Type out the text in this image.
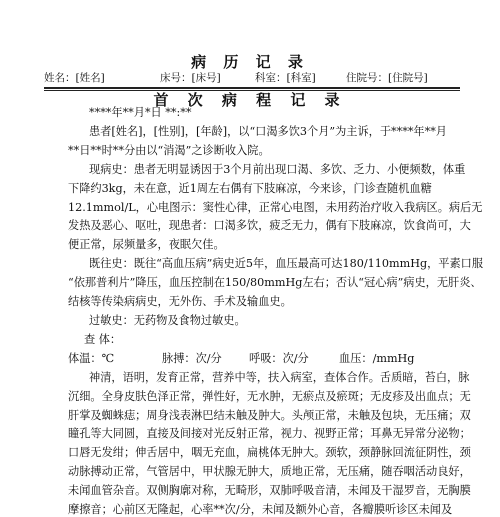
病 历 记 录
姓名：[姓名]	床号：[床号]	科室：[科室]	住院号：[住院号]
首 次 病 程 记 录
****年**月*日 **:**
患者[姓名]，[性别]，[年龄]，以“口渴多饮3个月”为主诉，于****年**月
**日**时**分由以“消渴”之诊断收入院。
现病史：患者无明显诱因于3个月前出现口渴、多饮、乏力、小便频数，体重
下降约3kg，未在意，近1周左右偶有下肢麻凉，今来诊，门诊查随机血糖
12.1mmol/L，心电图示：窦性心律，正常心电图，未用药治疗收入我病区。病后无
发热及恶心、呕吐，现患者：口渴多饮，疲乏无力，偶有下肢麻凉，饮食尚可，大
便正常，尿频量多，夜眠欠佳。
既往史：既往“高血压病”病史近5年，血压最高可达180/110mmHg，平素口服
“依那普利片”降压，血压控制在150/80mmHg左右；否认“冠心病”病史，无肝炎、
结核等传染病病史，无外伤、手术及输血史。
过敏史：无药物及食物过敏史。
查 体：
体温：℃	脉搏：次/分 呼吸：次/分	血压：/mmHg
神清，语明，发育正常，营养中等，扶入病室，查体合作。舌质暗，苔白，脉
沉细。全身皮肤色泽正常，弹性好，无水肿，无瘀点及瘀斑；无皮疹及出血点；无
肝掌及蜘蛛痣；周身浅表淋巴结未触及肿大。头颅正常，未触及包块，无压痛；双
瞳孔等大同圆，直接及间接对光反射正常，视力、视野正常；耳鼻无异常分泌物；
口唇无发绀；伸舌居中，咽无充血，扁桃体无肿大。颈软，颈静脉回流征阴性，颈
动脉搏动正常，气管居中，甲状腺无肿大，质地正常，无压痛，随吞咽活动良好，
未闻血管杂音。双侧胸廓对称，无畸形，双肺呼吸音清，未闻及干湿罗音，无胸膜
摩擦音；心前区无隆起，心率**次/分，未闻及额外心音，各瓣膜听诊区未闻及
